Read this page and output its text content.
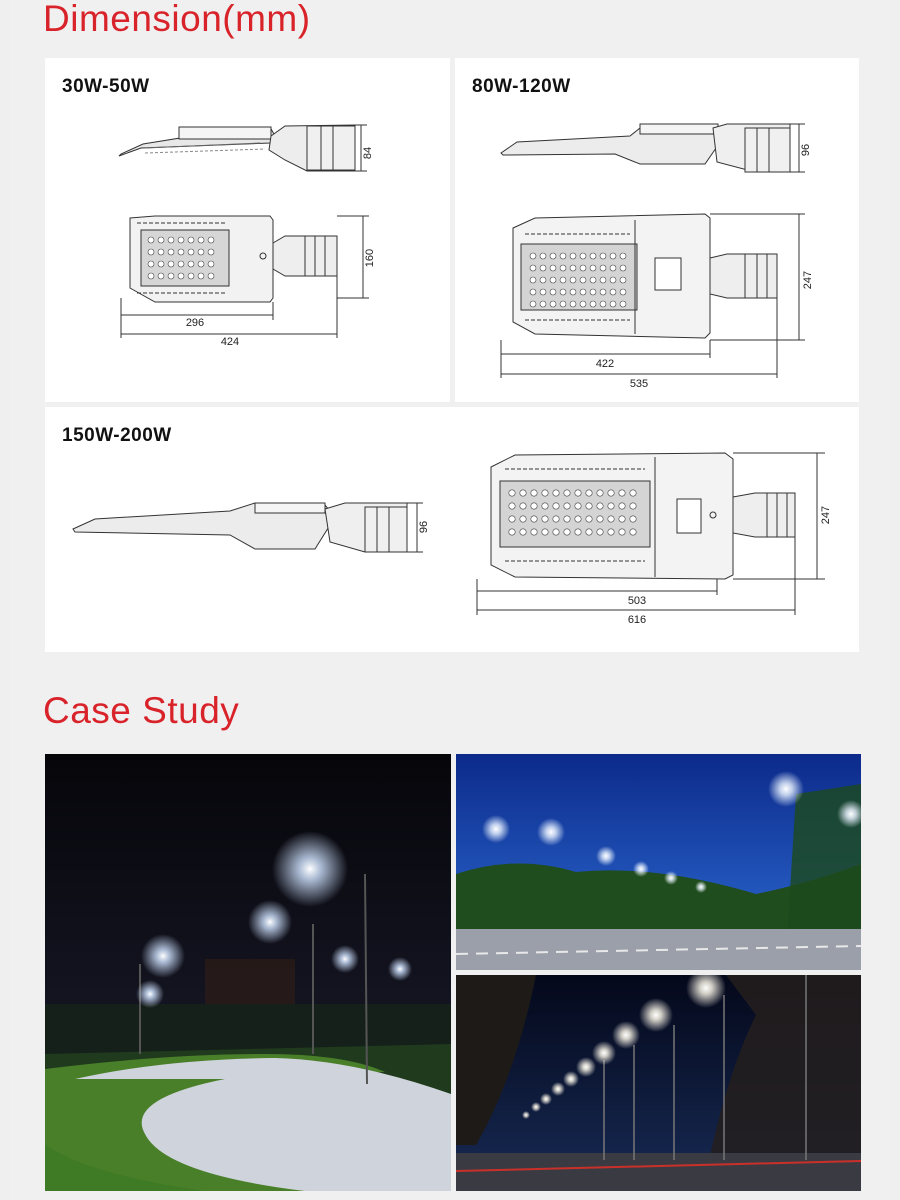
Dimension(mm)
30W-50W
84
160
296
424
80W-120W
96
247
422
535
150W-200W
96
247
503
616
Case Study
